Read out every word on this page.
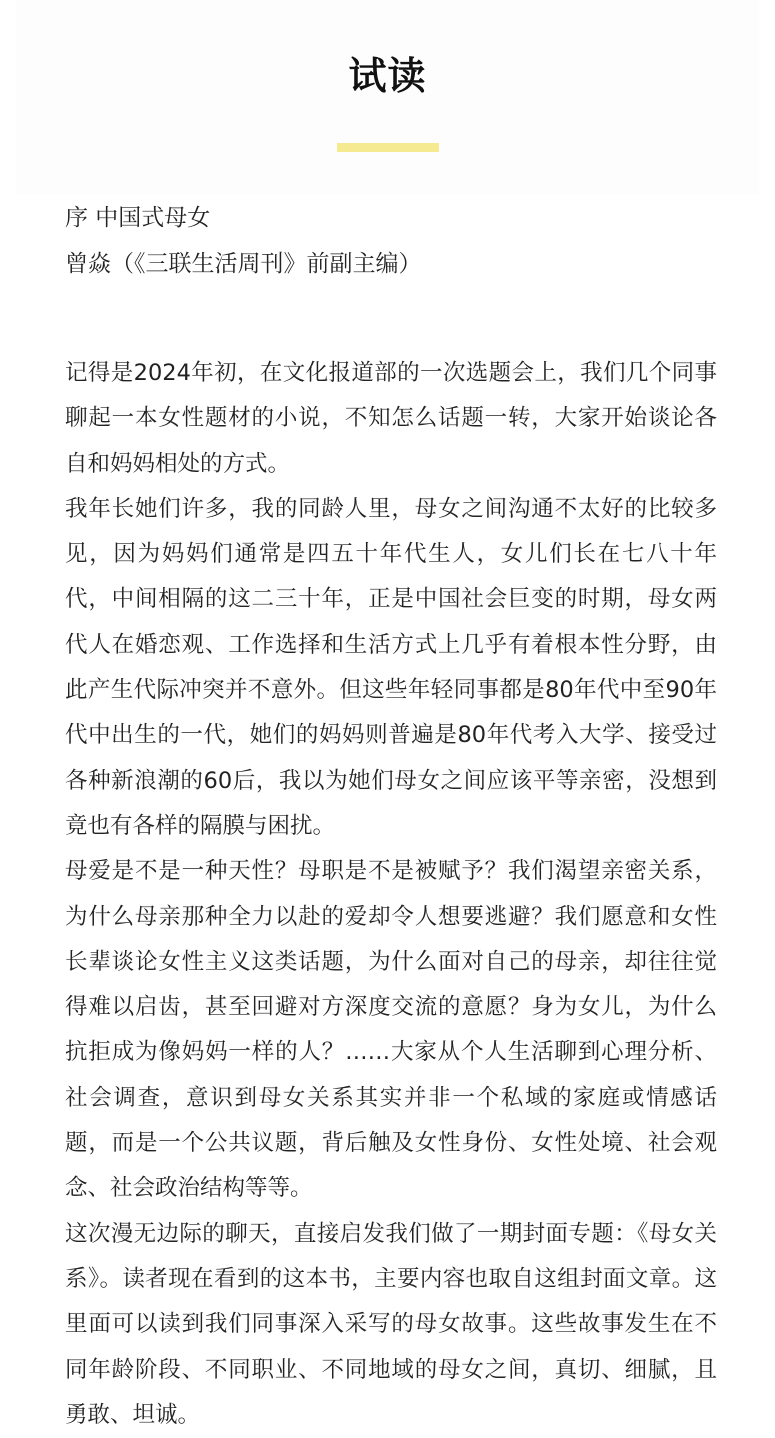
试读

序 中国式母女

曾焱（《三联生活周刊》前副主编）

记得是2024年初，在文化报道部的一次选题会上，我们几个同事聊起一本女性题材的小说，不知怎么话题一转，大家开始谈论各自和妈妈相处的方式。

我年长她们许多，我的同龄人里，母女之间沟通不太好的比较多见，因为妈妈们通常是四五十年代生人，女儿们长在七八十年代，中间相隔的这二三十年，正是中国社会巨变的时期，母女两代人在婚恋观、工作选择和生活方式上几乎有着根本性分野，由此产生代际冲突并不意外。但这些年轻同事都是80年代中至90年代中出生的一代，她们的妈妈则普遍是80年代考入大学、接受过各种新浪潮的60后，我以为她们母女之间应该平等亲密，没想到竟也有各样的隔膜与困扰。

母爱是不是一种天性？母职是不是被赋予？我们渴望亲密关系，为什么母亲那种全力以赴的爱却令人想要逃避？我们愿意和女性长辈谈论女性主义这类话题，为什么面对自己的母亲，却往往觉得难以启齿，甚至回避对方深度交流的意愿？身为女儿，为什么抗拒成为像妈妈一样的人？……大家从个人生活聊到心理分析、社会调查，意识到母女关系其实并非一个私域的家庭或情感话题，而是一个公共议题，背后触及女性身份、女性处境、社会观念、社会政治结构等等。

这次漫无边际的聊天，直接启发我们做了一期封面专题：《母女关系》。读者现在看到的这本书，主要内容也取自这组封面文章。这里面可以读到我们同事深入采写的母女故事。这些故事发生在不同年龄阶段、不同职业、不同地域的母女之间，真切、细腻，且勇敢、坦诚。
